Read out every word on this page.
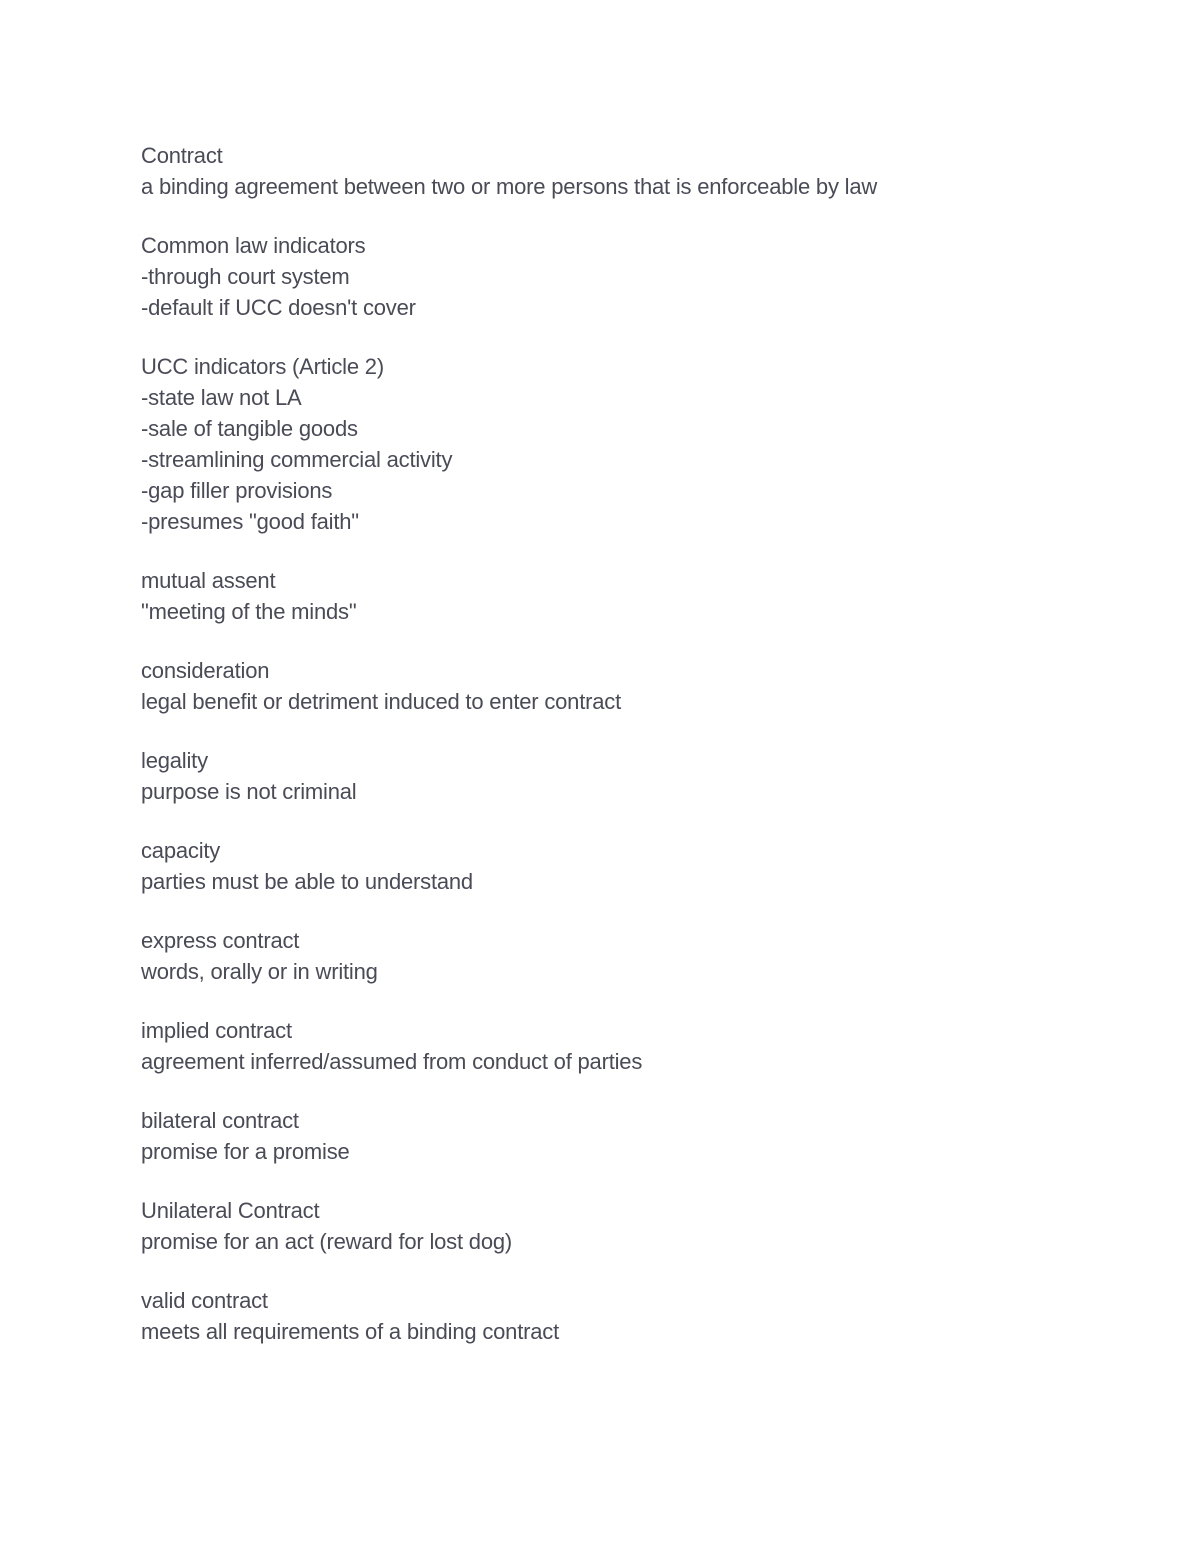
Contract
a binding agreement between two or more persons that is enforceable by law
Common law indicators
-through court system
-default if UCC doesn't cover
UCC indicators (Article 2)
-state law not LA
-sale of tangible goods
-streamlining commercial activity
-gap filler provisions
-presumes "good faith"
mutual assent
"meeting of the minds"
consideration
legal benefit or detriment induced to enter contract
legality
purpose is not criminal
capacity
parties must be able to understand
express contract
words, orally or in writing
implied contract
agreement inferred/assumed from conduct of parties
bilateral contract
promise for a promise
Unilateral Contract
promise for an act (reward for lost dog)
valid contract
meets all requirements of a binding contract
